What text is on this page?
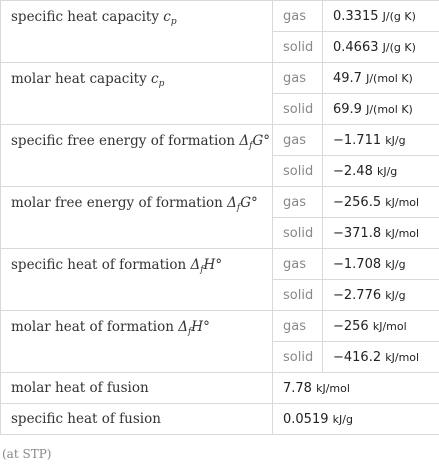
specific heat capacity $c_p$	gas	0.3315 J/(g K)
	solid	0.4663 J/(g K)
molar heat capacity $c_p$	gas	49.7 J/(mol K)
	solid	69.9 J/(mol K)
specific free energy of formation $\Delta_fG^\circ$	gas	−1.711 kJ/g
	solid	−2.48 kJ/g
molar free energy of formation $\Delta_fG^\circ$	gas	−256.5 kJ/mol
	solid	−371.8 kJ/mol
specific heat of formation $\Delta_fH^\circ$	gas	−1.708 kJ/g
	solid	−2.776 kJ/g
molar heat of formation $\Delta_fH^\circ$	gas	−256 kJ/mol
	solid	−416.2 kJ/mol
molar heat of fusion	7.78 kJ/mol	
specific heat of fusion	0.0519 kJ/g	
(at STP)
